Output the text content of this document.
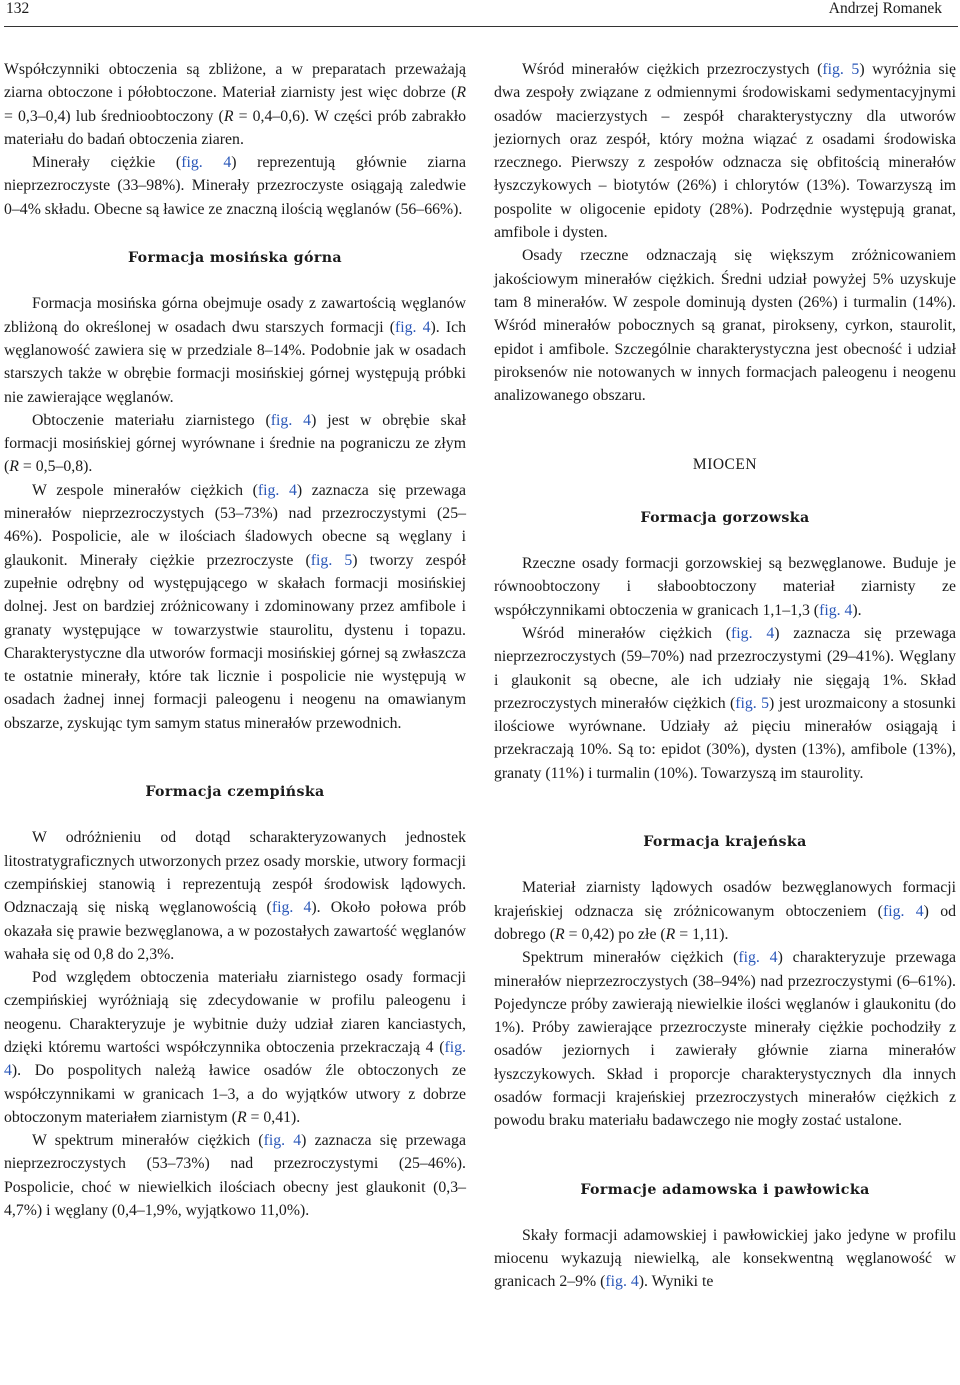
132	Andrzej Romanek

Współczynniki obtoczenia są zbliżone, a w preparatach przeważają ziarna obtoczone i półobtoczone. Materiał ziarnisty jest więc dobrze (R = 0,3–0,4) lub średnioobtoczony (R = 0,4–0,6). W części prób zabrakło materiału do badań obtoczenia ziaren.

Minerały ciężkie (fig. 4) reprezentują głównie ziarna nieprzezroczyste (33–98%). Minerały przezroczyste osiągają zaledwie 0–4% składu. Obecne są ławice ze znaczną ilością węglanów (56–66%).

Formacja mosińska górna

Formacja mosińska górna obejmuje osady z zawartością węglanów zbliżoną do określonej w osadach dwu starszych formacji (fig. 4). Ich węglanowość zawiera się w przedziale 8–14%. Podobnie jak w osadach starszych także w obrębie formacji mosińskiej górnej występują próbki nie zawierające węglanów.

Obtoczenie materiału ziarnistego (fig. 4) jest w obrębie skał formacji mosińskiej górnej wyrównane i średnie na pograniczu ze złym (R = 0,5–0,8).

W zespole minerałów ciężkich (fig. 4) zaznacza się przewaga minerałów nieprzezroczystych (53–73%) nad przezroczystymi (25–46%). Pospolicie, ale w ilościach śladowych obecne są węglany i glaukonit. Minerały ciężkie przezroczyste (fig. 5) tworzy zespół zupełnie odrębny od występującego w skałach formacji mosińskiej dolnej. Jest on bardziej zróżnicowany i zdominowany przez amfibole i granaty występujące w towarzystwie staurolitu, dystenu i topazu. Charakterystyczne dla utworów formacji mosińskiej górnej są zwłaszcza te ostatnie minerały, które tak licznie i pospolicie nie występują w osadach żadnej innej formacji paleogenu i neogenu na omawianym obszarze, zyskując tym samym status minerałów przewodnich.

Formacja czempińska

W odróżnieniu od dotąd scharakteryzowanych jednostek litostratygraficznych utworzonych przez osady morskie, utwory formacji czempińskiej stanowią i reprezentują zespół środowisk lądowych. Odznaczają się niską węglanowością (fig. 4). Około połowa prób okazała się prawie bezwęglanowa, a w pozostałych zawartość węglanów wahała się od 0,8 do 2,3%.

Pod względem obtoczenia materiału ziarnistego osady formacji czempińskiej wyróżniają się zdecydowanie w profilu paleogenu i neogenu. Charakteryzuje je wybitnie duży udział ziaren kanciastych, dzięki któremu wartości współczynnika obtoczenia przekraczają 4 (fig. 4). Do pospolitych należą ławice osadów źle obtoczonych ze współczynnikami w granicach 1–3, a do wyjątków utwory z dobrze obtoczonym materiałem ziarnistym (R = 0,41).

W spektrum minerałów ciężkich (fig. 4) zaznacza się przewaga nieprzezroczystych (53–73%) nad przezroczystymi (25–46%). Pospolicie, choć w niewielkich ilościach obecny jest glaukonit (0,3–4,7%) i węglany (0,4–1,9%, wyjątkowo 11,0%).

Wśród minerałów ciężkich przezroczystych (fig. 5) wyróżnia się dwa zespoły związane z odmiennymi środowiskami sedymentacyjnymi osadów macierzystych – zespół charakterystyczny dla utworów jeziornych oraz zespół, który można wiązać z osadami środowiska rzecznego. Pierwszy z zespołów odznacza się obfitością minerałów łyszczykowych – biotytów (26%) i chlorytów (13%). Towarzyszą im pospolite w oligocenie epidoty (28%). Podrzędnie występują granat, amfibole i dysten.

Osady rzeczne odznaczają się większym zróżnicowaniem jakościowym minerałów ciężkich. Średni udział powyżej 5% uzyskuje tam 8 minerałów. W zespole dominują dysten (26%) i turmalin (14%). Wśród minerałów pobocznych są granat, pirokseny, cyrkon, staurolit, epidot i amfibole. Szczególnie charakterystyczna jest obecność i udział piroksenów nie notowanych w innych formacjach paleogenu i neogenu analizowanego obszaru.

MIOCEN
Formacja gorzowska

Rzeczne osady formacji gorzowskiej są bezwęglanowe. Buduje je równoobtoczony i słaboobtoczony materiał ziarnisty ze współczynnikami obtoczenia w granicach 1,1–1,3 (fig. 4).

Wśród minerałów ciężkich (fig. 4) zaznacza się przewaga nieprzezroczystych (59–70%) nad przezroczystymi (29–41%). Węglany i glaukonit są obecne, ale ich udziały nie sięgają 1%. Skład przezroczystych minerałów ciężkich (fig. 5) jest urozmaicony a stosunki ilościowe wyrównane. Udziały aż pięciu minerałów osiągają i przekraczają 10%. Są to: epidot (30%), dysten (13%), amfibole (13%), granaty (11%) i turmalin (10%). Towarzyszą im staurolity.

Formacja krajeńska

Materiał ziarnisty lądowych osadów bezwęglanowych formacji krajeńskiej odznacza się zróżnicowanym obtoczeniem (fig. 4) od dobrego (R = 0,42) po złe (R = 1,11).

Spektrum minerałów ciężkich (fig. 4) charakteryzuje przewaga minerałów nieprzezroczystych (38–94%) nad przezroczystymi (6–61%). Pojedyncze próby zawierają niewielkie ilości węglanów i glaukonitu (do 1%). Próby zawierające przezroczyste minerały ciężkie pochodziły z osadów jeziornych i zawierały głównie ziarna minerałów łyszczykowych. Skład i proporcje charakterystycznych dla innych osadów formacji krajeńskiej przezroczystych minerałów ciężkich z powodu braku materiału badawczego nie mogły zostać ustalone.

Formacje adamowska i pawłowicka

Skały formacji adamowskiej i pawłowickiej jako jedyne w profilu miocenu wykazują niewielką, ale konsekwentną węglanowość w granicach 2–9% (fig. 4). Wyniki te
